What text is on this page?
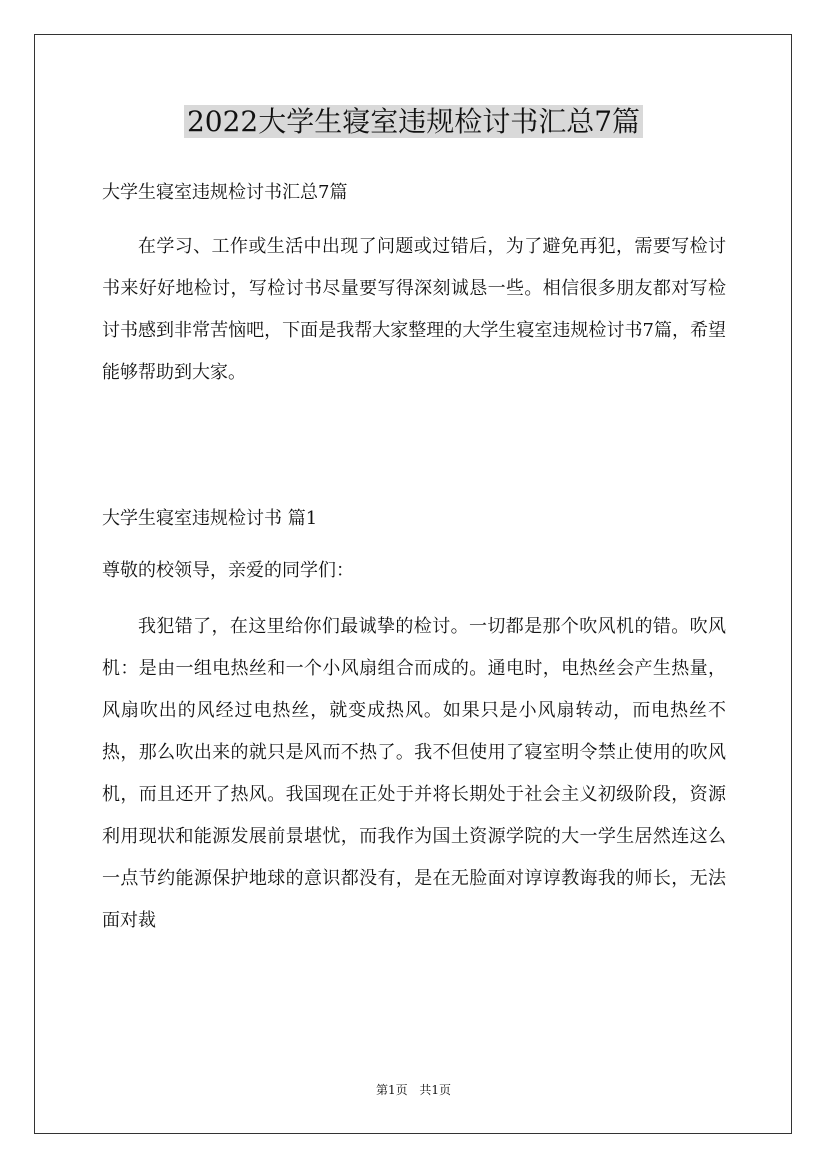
2022大学生寝室违规检讨书汇总7篇

大学生寝室违规检讨书汇总7篇

在学习、工作或生活中出现了问题或过错后，为了避免再犯，需要写检讨书来好好地检讨，写检讨书尽量要写得深刻诚恳一些。相信很多朋友都对写检讨书感到非常苦恼吧，下面是我帮大家整理的大学生寝室违规检讨书7篇，希望能够帮助到大家。

大学生寝室违规检讨书 篇1

尊敬的校领导，亲爱的同学们：

我犯错了，在这里给你们最诚挚的检讨。一切都是那个吹风机的错。吹风机：是由一组电热丝和一个小风扇组合而成的。通电时，电热丝会产生热量，风扇吹出的风经过电热丝，就变成热风。如果只是小风扇转动，而电热丝不热，那么吹出来的就只是风而不热了。我不但使用了寝室明令禁止使用的吹风机，而且还开了热风。我国现在正处于并将长期处于社会主义初级阶段，资源利用现状和能源发展前景堪忧，而我作为国土资源学院的大一学生居然连这么一点节约能源保护地球的意识都没有，是在无脸面对谆谆教诲我的师长，无法面对裁

第1页 共1页
